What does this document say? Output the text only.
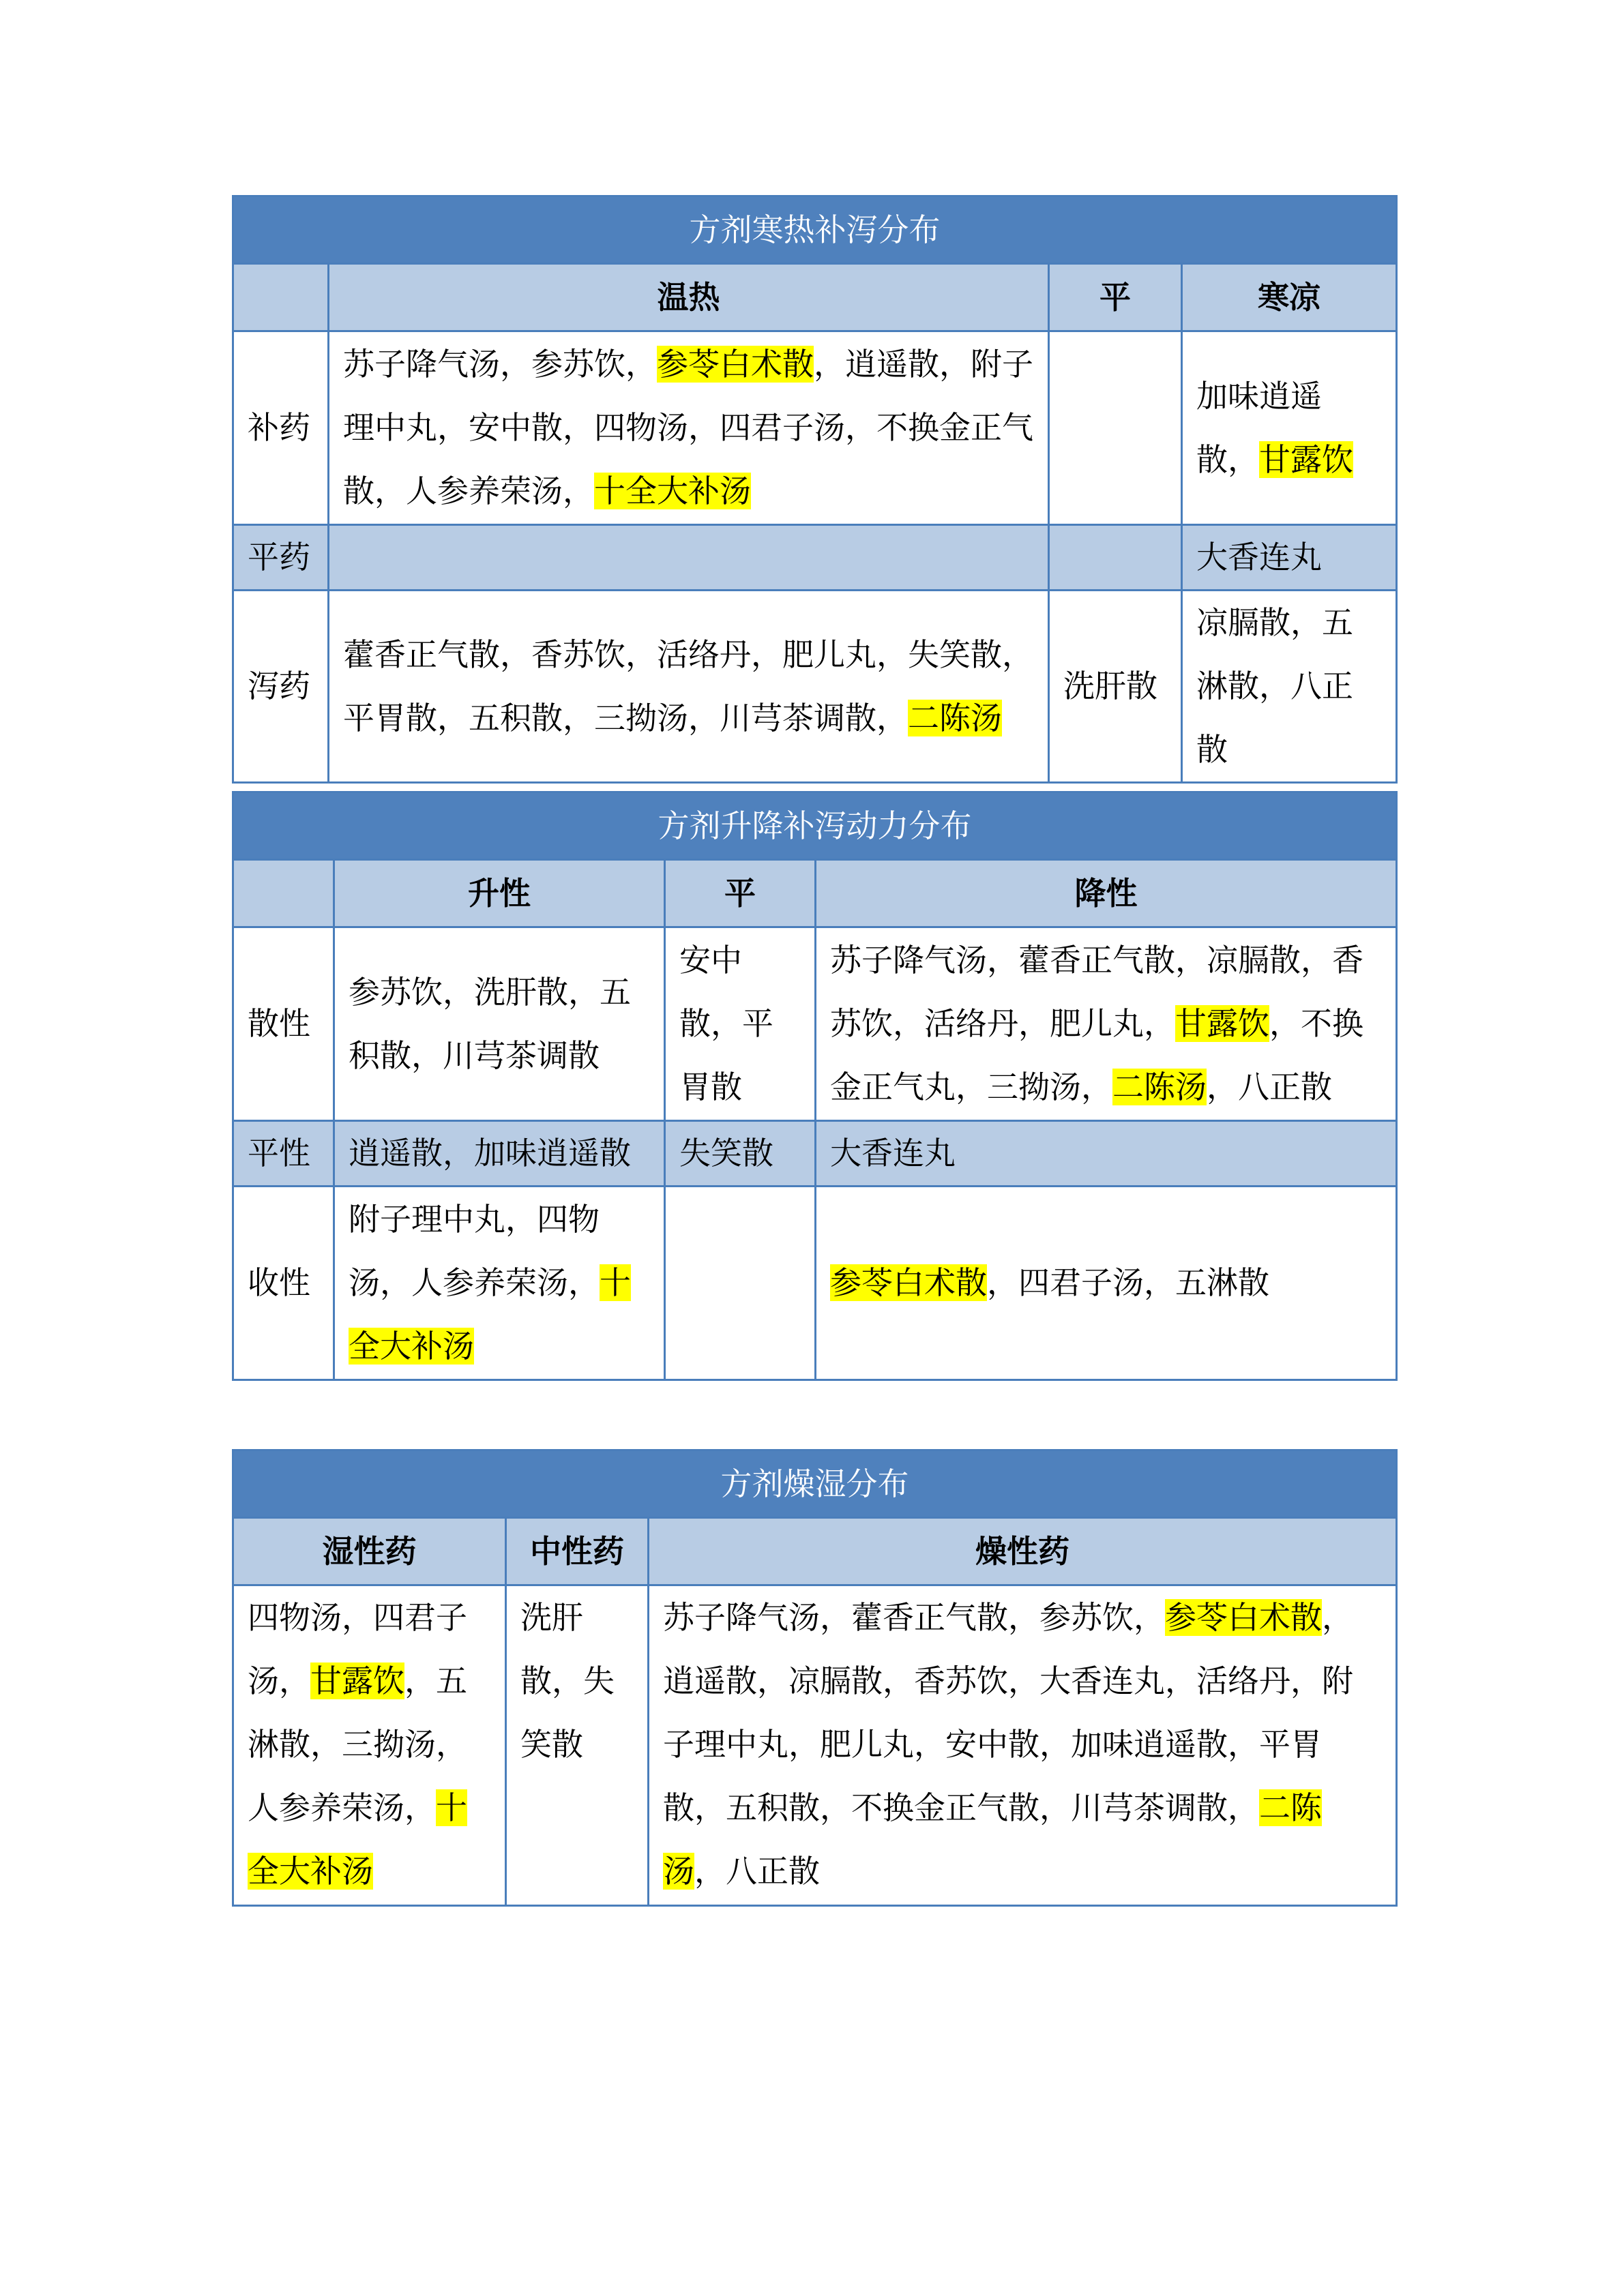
方剂寒热补泻分布			
	温热	平	寒凉
补药	苏子降气汤，参苏饮，参苓白术散，逍遥散，附子理中丸，安中散，四物汤，四君子汤，不换金正气散，人参养荣汤，十全大补汤		加味逍遥散，甘露饮
平药			大香连丸
泻药	藿香正气散，香苏饮，活络丹，肥儿丸，失笑散，平胃散，五积散，三拗汤，川芎茶调散，二陈汤	洗肝散	凉膈散，五淋散，八正散
方剂升降补泻动力分布			
	升性	平	降性
散性	参苏饮，洗肝散，五积散，川芎茶调散	安中散，平胃散	苏子降气汤，藿香正气散，凉膈散，香苏饮，活络丹，肥儿丸，甘露饮，不换金正气丸，三拗汤，二陈汤，八正散
平性	逍遥散，加味逍遥散	失笑散	大香连丸
收性	附子理中丸，四物汤，人参养荣汤，十全大补汤		参苓白术散，四君子汤，五淋散
方剂燥湿分布		
湿性药	中性药	燥性药
四物汤，四君子汤，甘露饮，五淋散，三拗汤，人参养荣汤，十全大补汤	洗肝散，失笑散	苏子降气汤，藿香正气散，参苏饮，参苓白术散，逍遥散，凉膈散，香苏饮，大香连丸，活络丹，附子理中丸，肥儿丸，安中散，加味逍遥散，平胃散，五积散，不换金正气散，川芎茶调散，二陈汤，八正散
